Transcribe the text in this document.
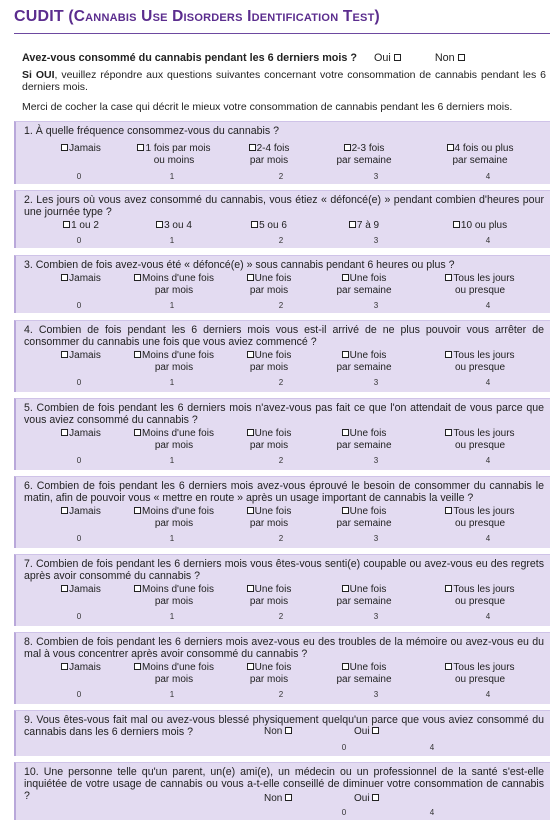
CUDIT (Cannabis Use Disorders Identification Test)
Avez-vous consommé du cannabis pendant les 6 derniers mois ? Oui	Non
Si OUI, veuillez répondre aux questions suivantes concernant votre consommation de cannabis pendant les 6 derniers mois.
Merci de cocher la case qui décrit le mieux votre consommation de cannabis pendant les 6 derniers mois.
1. À quelle fréquence consommez-vous du cannabis ?
Jamais
0
1 fois par mois
ou moins
1
2-4 fois
par mois
2
2-3 fois
par semaine
3
4 fois ou plus
par semaine
4
2. Les jours où vous avez consommé du cannabis, vous étiez « défoncé(e) » pendant combien d'heures pour une journée type ?
1 ou 2
0
3 ou 4
1
5 ou 6
2
7 à 9
3
10 ou plus
4
3. Combien de fois avez-vous été « défoncé(e) » sous cannabis pendant 6 heures ou plus ?
Jamais
0
Moins d'une fois
par mois
1
Une fois
par mois
2
Une fois
par semaine
3
Tous les jours
ou presque
4
4. Combien de fois pendant les 6 derniers mois vous est-il arrivé de ne plus pouvoir vous arrêter de consommer du cannabis une fois que vous aviez commencé ?
Jamais
0
Moins d'une fois
par mois
1
Une fois
par mois
2
Une fois
par semaine
3
Tous les jours
ou presque
4
5. Combien de fois pendant les 6 derniers mois n'avez-vous pas fait ce que l'on attendait de vous parce que vous aviez consommé du cannabis ?
Jamais
0
Moins d'une fois
par mois
1
Une fois
par mois
2
Une fois
par semaine
3
Tous les jours
ou presque
4
6. Combien de fois pendant les 6 derniers mois avez-vous éprouvé le besoin de consommer du cannabis le matin, afin de pouvoir vous « mettre en route » après un usage important de cannabis la veille ?
Jamais
0
Moins d'une fois
par mois
1
Une fois
par mois
2
Une fois
par semaine
3
Tous les jours
ou presque
4
7. Combien de fois pendant les 6 derniers mois vous êtes-vous senti(e) coupable ou avez-vous eu des regrets après avoir consommé du cannabis ?
Jamais
0
Moins d'une fois
par mois
1
Une fois
par mois
2
Une fois
par semaine
3
Tous les jours
ou presque
4
8. Combien de fois pendant les 6 derniers mois avez-vous eu des troubles de la mémoire ou avez-vous eu du mal à vous concentrer après avoir consommé du cannabis ?
Jamais
0
Moins d'une fois
par mois
1
Une fois
par mois
2
Une fois
par semaine
3
Tous les jours
ou presque
4
9. Vous êtes-vous fait mal ou avez-vous blessé physiquement quelqu'un parce que vous aviez consommé du cannabis dans les 6 derniers mois ?	Non
0
Oui
4
10. Une personne telle qu'un parent, un(e) ami(e), un médecin ou un professionnel de la santé s'est-elle inquiétée de votre usage de cannabis ou vous a-t-elle conseillé de diminuer votre consommation de cannabis ?	Non
0
Oui
4
